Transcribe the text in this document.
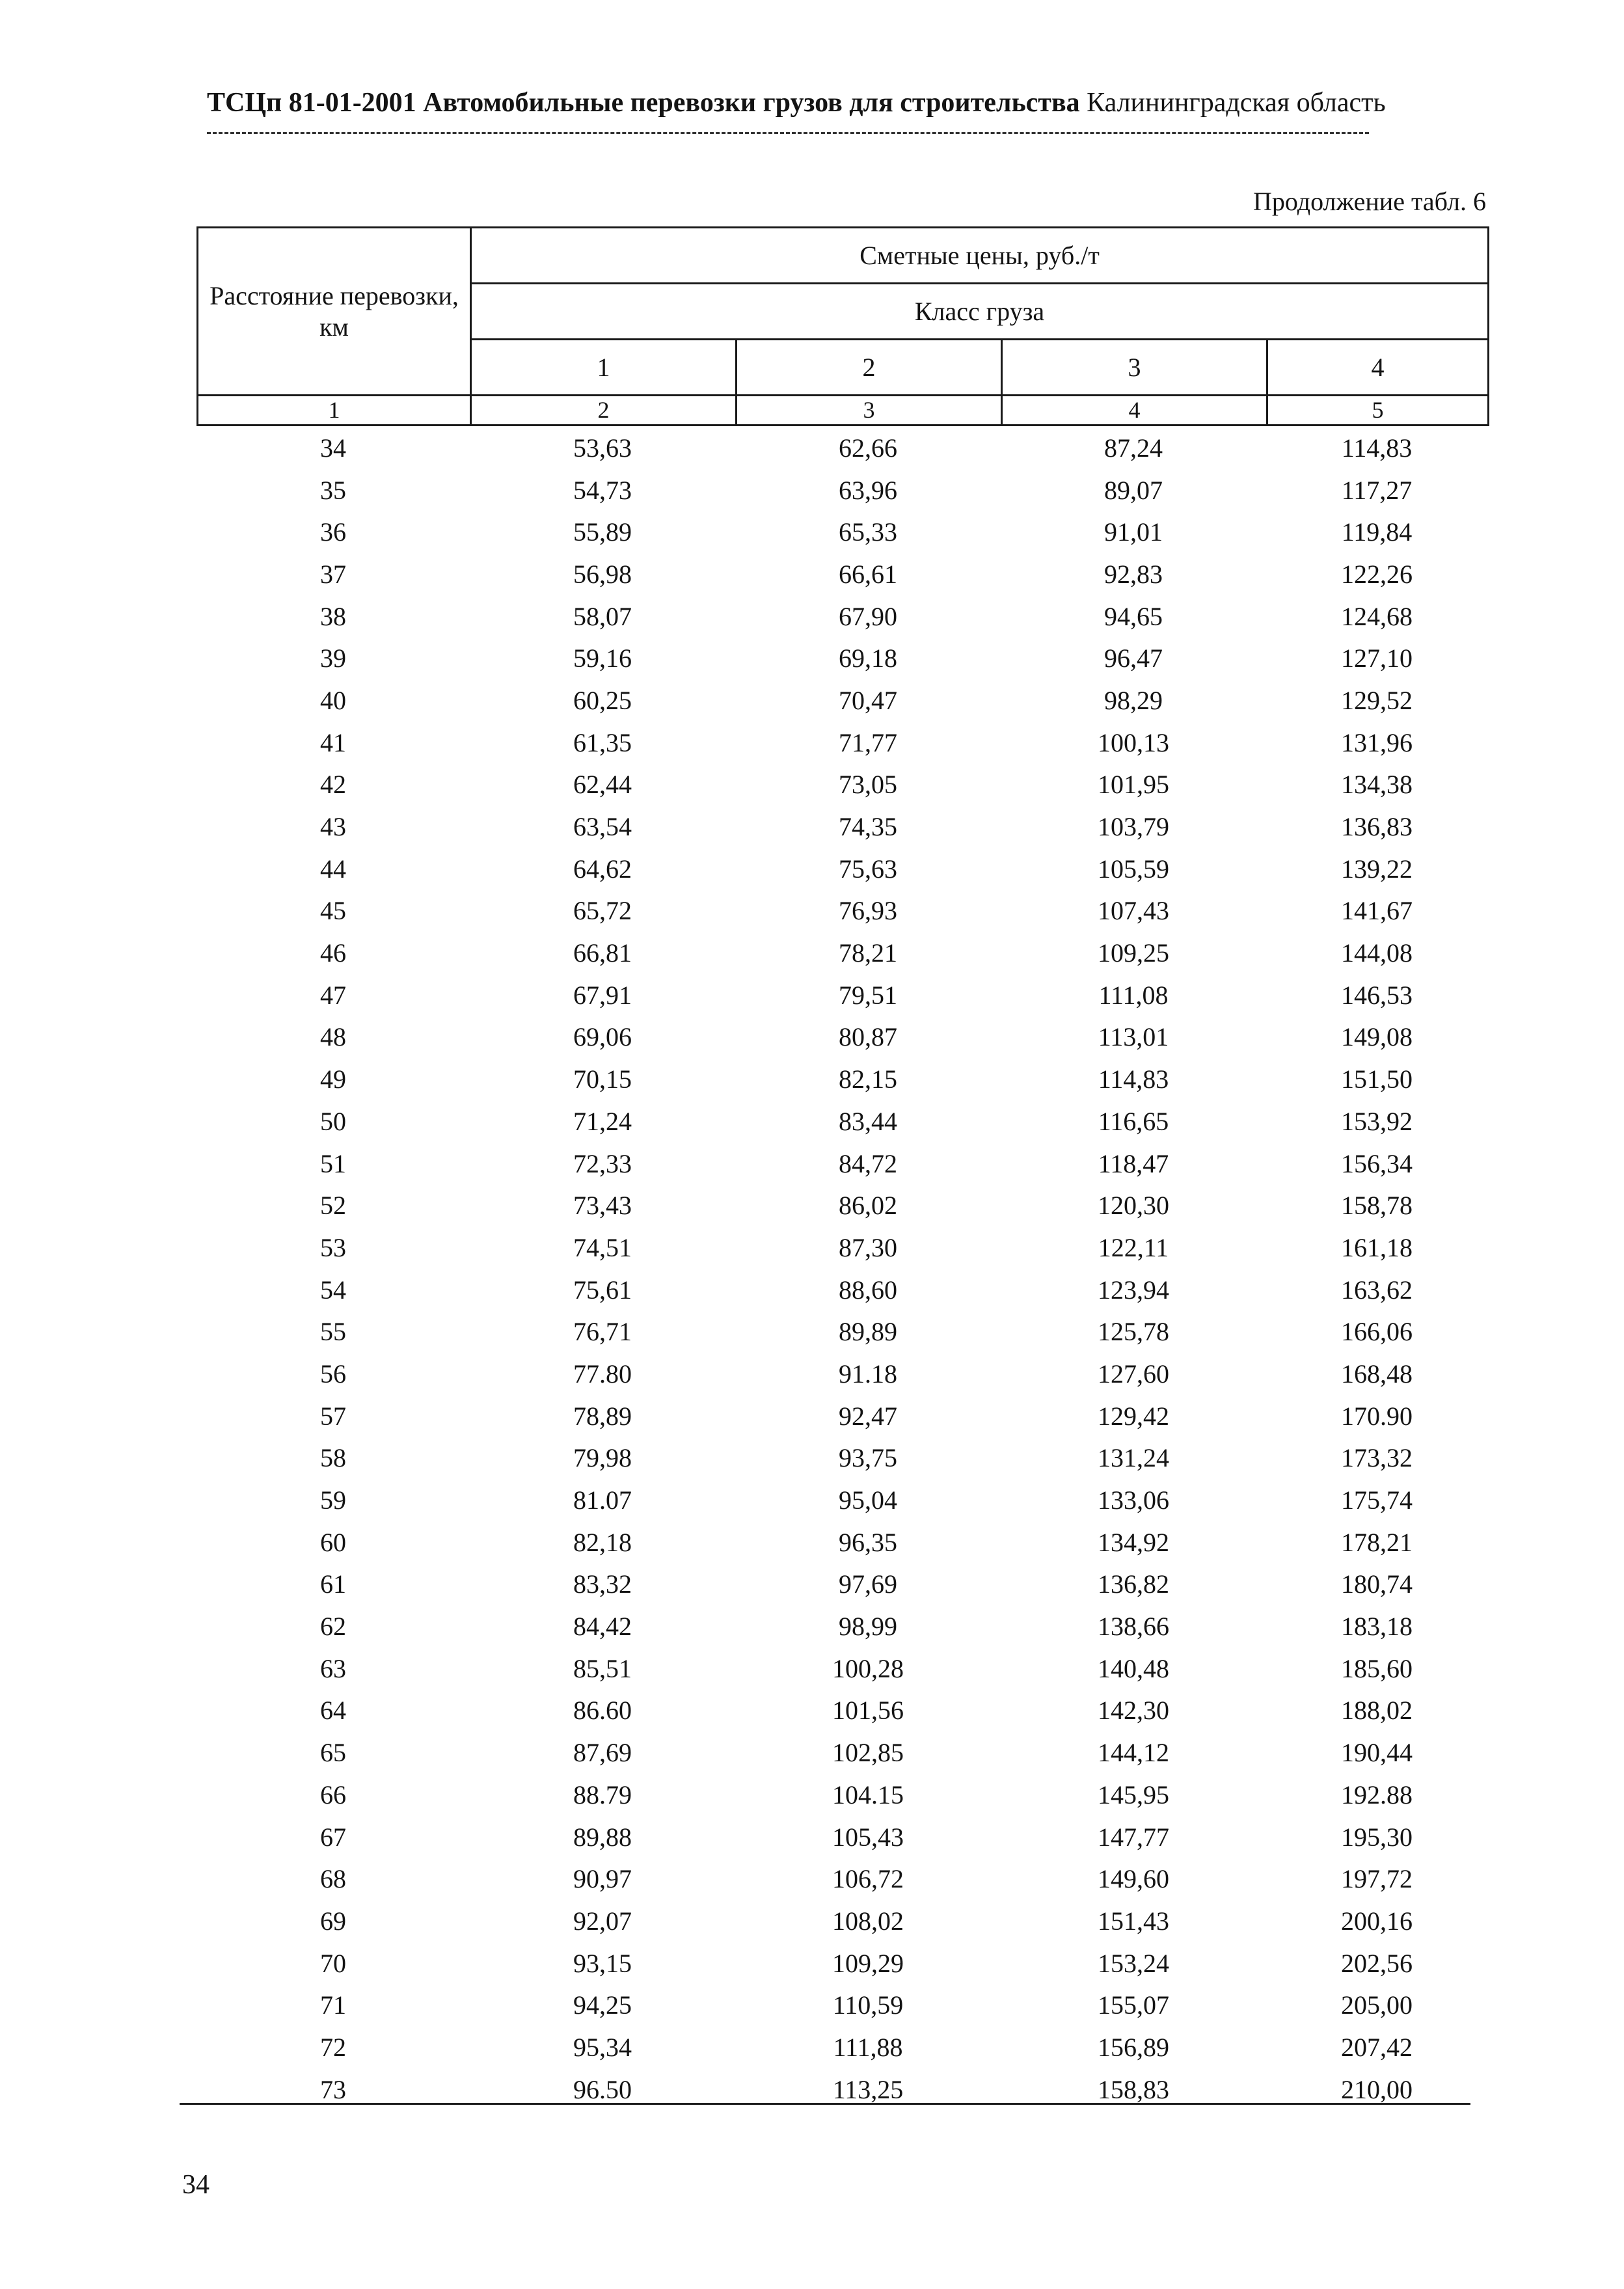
ТСЦп 81-01-2001 Автомобильные перевозки грузов для строительства Калининградская область
Продолжение табл. 6
Расстояние перевозки, км	Сметные цены, руб./т			
	Класс груза			
	1	2	3	4
1	2	3	4	5
34	53,63	62,66	87,24	114,83
35	54,73	63,96	89,07	117,27
36	55,89	65,33	91,01	119,84
37	56,98	66,61	92,83	122,26
38	58,07	67,90	94,65	124,68
39	59,16	69,18	96,47	127,10
40	60,25	70,47	98,29	129,52
41	61,35	71,77	100,13	131,96
42	62,44	73,05	101,95	134,38
43	63,54	74,35	103,79	136,83
44	64,62	75,63	105,59	139,22
45	65,72	76,93	107,43	141,67
46	66,81	78,21	109,25	144,08
47	67,91	79,51	111,08	146,53
48	69,06	80,87	113,01	149,08
49	70,15	82,15	114,83	151,50
50	71,24	83,44	116,65	153,92
51	72,33	84,72	118,47	156,34
52	73,43	86,02	120,30	158,78
53	74,51	87,30	122,11	161,18
54	75,61	88,60	123,94	163,62
55	76,71	89,89	125,78	166,06
56	77.80	91.18	127,60	168,48
57	78,89	92,47	129,42	170.90
58	79,98	93,75	131,24	173,32
59	81.07	95,04	133,06	175,74
60	82,18	96,35	134,92	178,21
61	83,32	97,69	136,82	180,74
62	84,42	98,99	138,66	183,18
63	85,51	100,28	140,48	185,60
64	86.60	101,56	142,30	188,02
65	87,69	102,85	144,12	190,44
66	88.79	104.15	145,95	192.88
67	89,88	105,43	147,77	195,30
68	90,97	106,72	149,60	197,72
69	92,07	108,02	151,43	200,16
70	93,15	109,29	153,24	202,56
71	94,25	110,59	155,07	205,00
72	95,34	111,88	156,89	207,42
73	96.50	113,25	158,83	210,00
34
